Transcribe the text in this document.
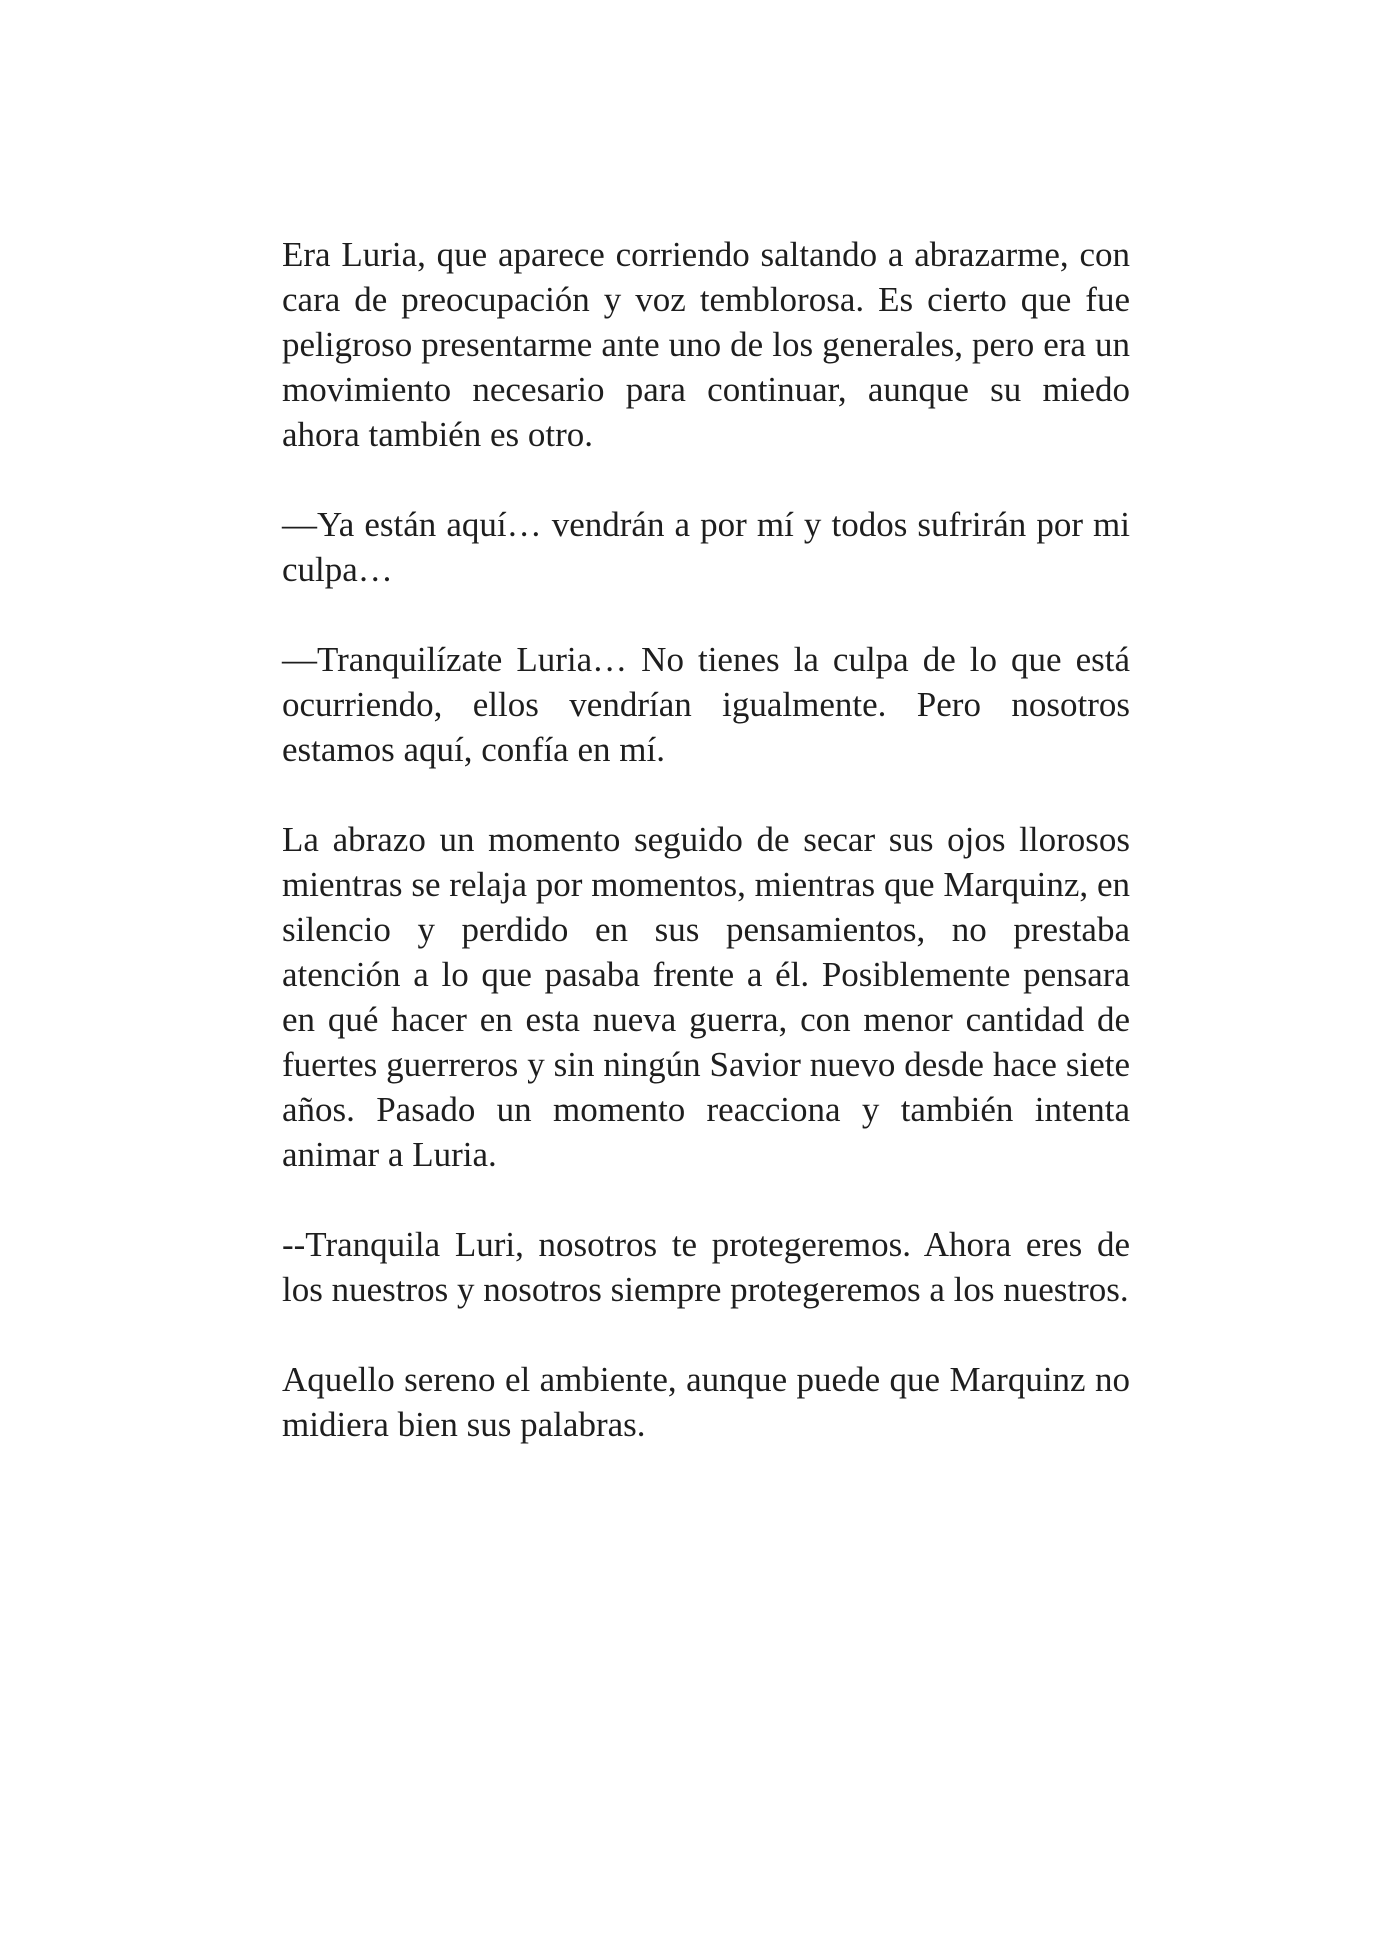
Era Luria, que aparece corriendo saltando a abrazarme, con cara de preocupación y voz temblorosa. Es cierto que fue peligroso presentarme ante uno de los generales, pero era un movimiento necesario para continuar, aunque su miedo ahora también es otro.

—Ya están aquí… vendrán a por mí y todos sufrirán por mi culpa…

—Tranquilízate Luria… No tienes la culpa de lo que está ocurriendo, ellos vendrían igualmente. Pero nosotros estamos aquí, confía en mí.

La abrazo un momento seguido de secar sus ojos llorosos mientras se relaja por momentos, mientras que Marquinz, en silencio y perdido en sus pensamientos, no prestaba atención a lo que pasaba frente a él. Posiblemente pensara en qué hacer en esta nueva guerra, con menor cantidad de fuertes guerreros y sin ningún Savior nuevo desde hace siete años. Pasado un momento reacciona y también intenta animar a Luria.

--Tranquila Luri, nosotros te protegeremos. Ahora eres de los nuestros y nosotros siempre protegeremos a los nuestros.

Aquello sereno el ambiente, aunque puede que Marquinz no midiera bien sus palabras.
